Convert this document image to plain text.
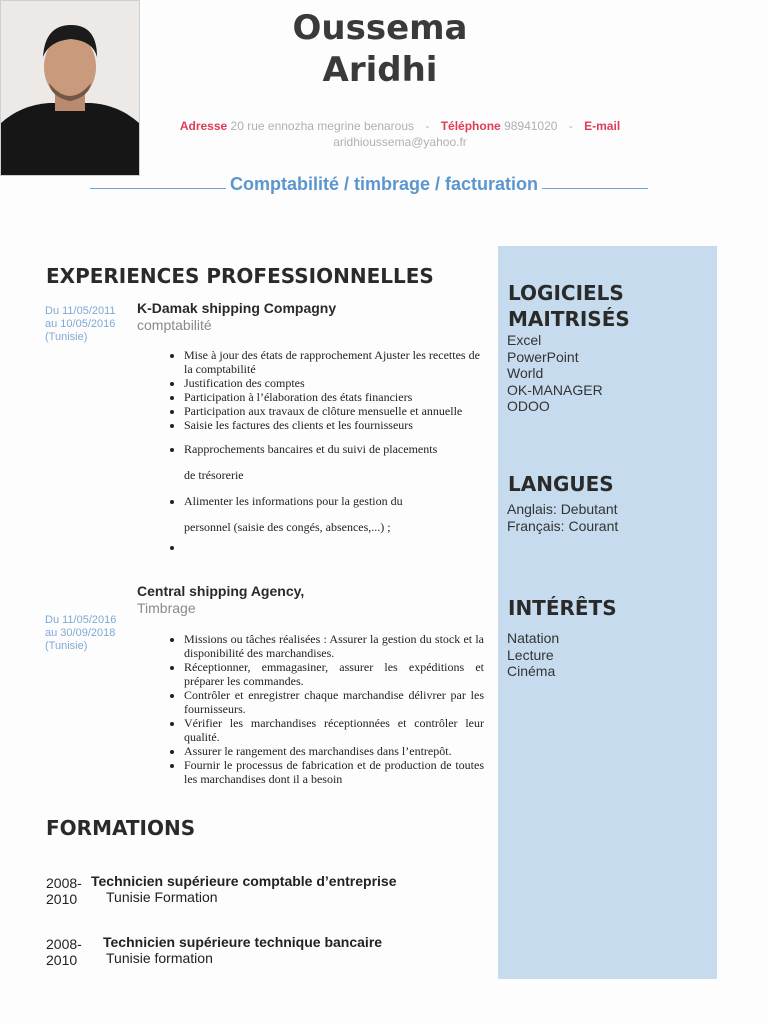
Oussema
Aridhi
Adresse 20 rue ennozha megrine benarous - Téléphone 98941020 - E-mail
aridhioussema@yahoo.fr
Comptabilité / timbrage / facturation
EXPERIENCES PROFESSIONNELLES
Du 11/05/2011
au 10/05/2016
(Tunisie)
K-Damak shipping Compagny
comptabilité
• Mise à jour des états de rapprochement Ajuster les recettes de la comptabilité
• Justification des comptes
• Participation à l’élaboration des états financiers
• Participation aux travaux de clôture mensuelle et annuelle
• Saisie les factures des clients et les fournisseurs
• Rapprochements bancaires et du suivi de placements
de trésorerie
• Alimenter les informations pour la gestion du
personnel (saisie des congés, absences,...) ;
•
Central shipping Agency,
Timbrage
Du 11/05/2016
au 30/09/2018
(Tunisie)
•	Missions ou tâches réalisées : Assurer la gestion du stock et la disponibilité des marchandises.
• Réceptionner, emmagasiner, assurer les expéditions et préparer les commandes.
• Contrôler et enregistrer chaque marchandise délivrer par les fournisseurs.
• Vérifier les marchandises réceptionnées et contrôler leur qualité.
• Assurer le rangement des marchandises dans l’entrepôt.
• Fournir le processus de fabrication et de production de toutes les marchandises dont il a besoin
FORMATIONS
2008-
2010
Technicien supérieure comptable d’entreprise
Tunisie Formation
2008-
2010
Technicien supérieure technique bancaire
Tunisie formation
LOGICIELS
MAITRISÉS
Excel
PowerPoint
World
OK-MANAGER
ODOO
LANGUES
Anglais: Debutant
Français: Courant
INTÉRÊTS
Natation
Lecture
Cinéma
